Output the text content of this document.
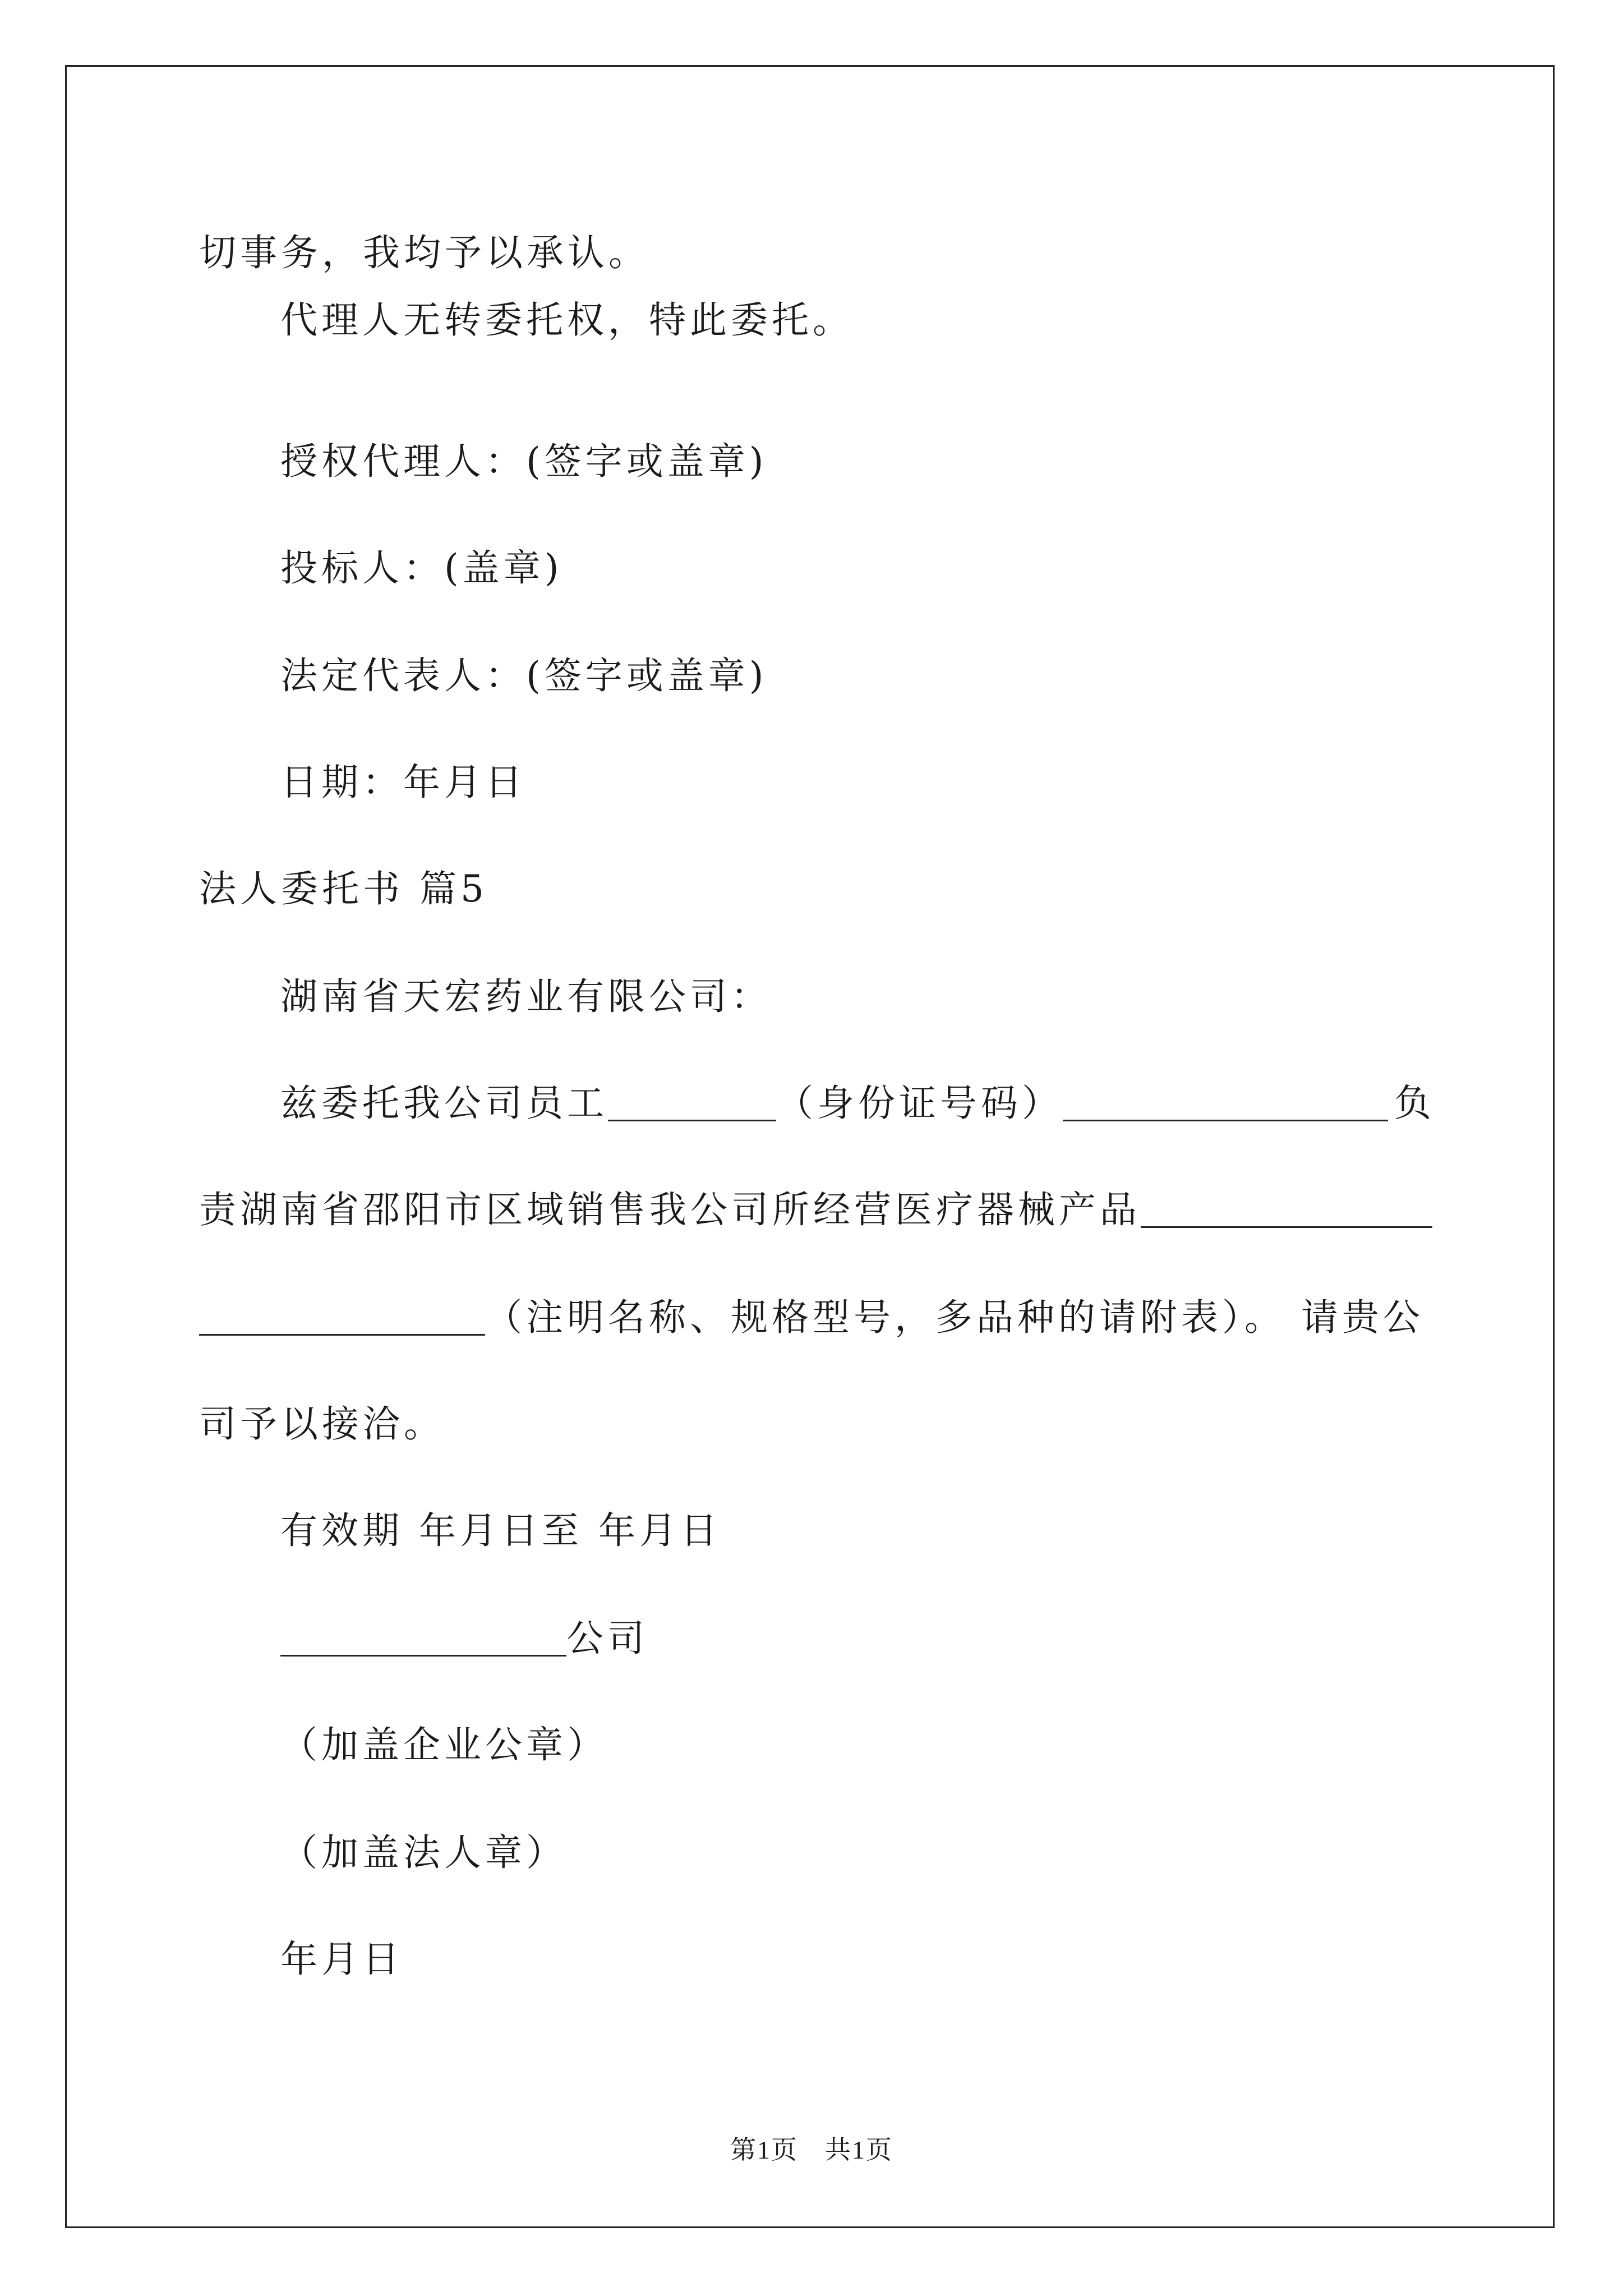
切事务，我均予以承认。
代理人无转委托权，特此委托。
授权代理人：(签字或盖章)
投标人：(盖章)
法定代表人：(签字或盖章)
日期：年月日
法人委托书 篇5
湖南省天宏药业有限公司：
兹委托我公司员工	（身份证号码）	负
责湖南省邵阳市区域销售我公司所经营医疗器械产品
（注明名称、规格型号，多品种的请附表）。 请贵公
司予以接洽。
有效期 年月日至 年月日
公司
（加盖企业公章）
（加盖法人章）
年月日
第1页　共1页
